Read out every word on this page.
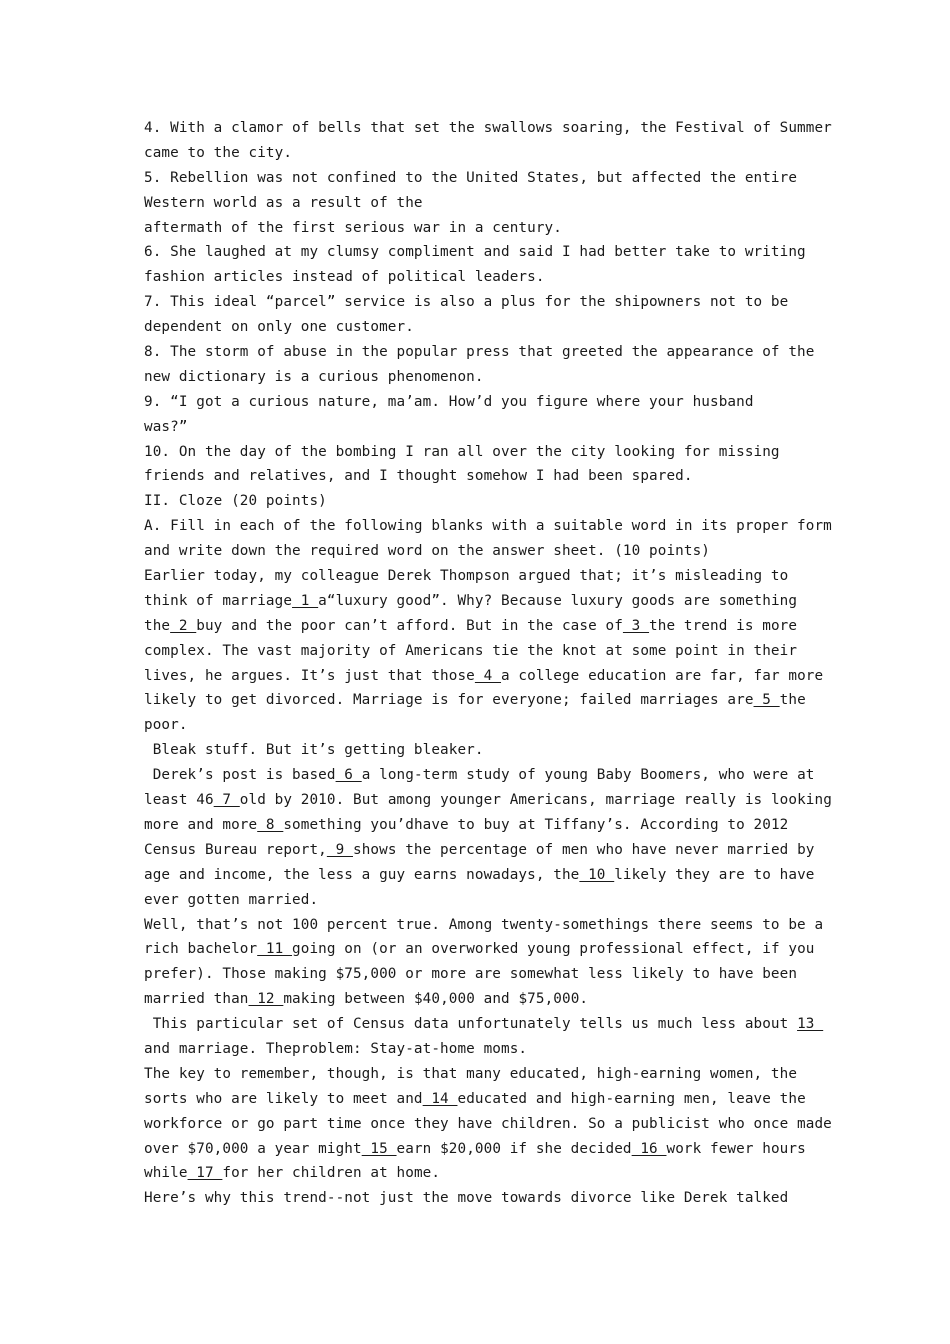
4. With a clamor of bells that set the swallows soaring, the Festival of Summer
came to the city.
5. Rebellion was not confined to the United States, but affected the entire
Western world as a result of the
aftermath of the first serious war in a century.
6. She laughed at my clumsy compliment and said I had better take to writing
fashion articles instead of political leaders.
7. This ideal “parcel” service is also a plus for the shipowners not to be
dependent on only one customer.
8. The storm of abuse in the popular press that greeted the appearance of the
new dictionary is a curious phenomenon.
9. “I got a curious nature, ma’am. How’d you figure where your husband
was?”
10. On the day of the bombing I ran all over the city looking for missing
friends and relatives, and I thought somehow I had been spared.
II. Cloze (20 points)
A. Fill in each of the following blanks with a suitable word in its proper form
and write down the required word on the answer sheet. (10 points)
Earlier today, my colleague Derek Thompson argued that; it’s misleading to
think of marriage 1 a“luxury good”. Why? Because luxury goods are something
the 2 buy and the poor can’t afford. But in the case of 3 the trend is more
complex. The vast majority of Americans tie the knot at some point in their
lives, he argues. It’s just that those 4 a college education are far, far more
likely to get divorced. Marriage is for everyone; failed marriages are 5 the
poor.
Bleak stuff. But it’s getting bleaker.
Derek’s post is based 6 a long-term study of young Baby Boomers, who were at
least 46 7 old by 2010. But among younger Americans, marriage really is looking
more and more 8 something you’dhave to buy at Tiffany’s. According to 2012
Census Bureau report, 9 shows the percentage of men who have never married by
age and income, the less a guy earns nowadays, the 10 likely they are to have
ever gotten married.
Well, that’s not 100 percent true. Among twenty-somethings there seems to be a
rich bachelor 11 going on (or an overworked young professional effect, if you
prefer). Those making $75,000 or more are somewhat less likely to have been
married than 12 making between $40,000 and $75,000.
This particular set of Census data unfortunately tells us much less about 13
and marriage. Theproblem: Stay-at-home moms.
The key to remember, though, is that many educated, high-earning women, the
sorts who are likely to meet and 14 educated and high-earning men, leave the
workforce or go part time once they have children. So a publicist who once made
over $70,000 a year might 15 earn $20,000 if she decided 16 work fewer hours
while 17 for her children at home.
Here’s why this trend--not just the move towards divorce like Derek talked
